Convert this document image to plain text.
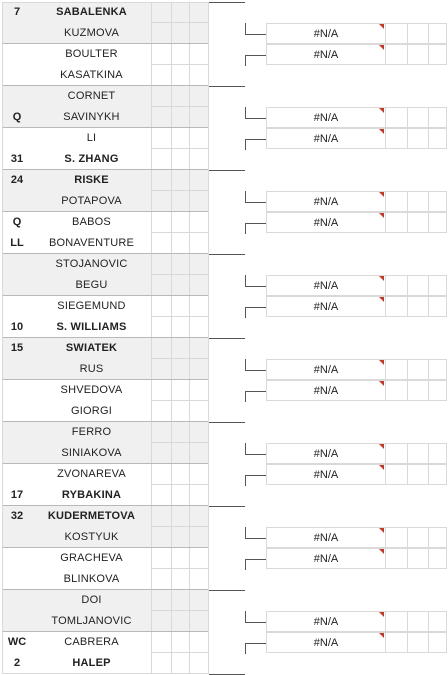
7	SABALENKA
KUZMOVA
BOULTER
KASATKINA
CORNET
Q	SAVINYKH
LI
31	S. ZHANG
24	RISKE
POTAPOVA
Q	BABOS
LL	BONAVENTURE
STOJANOVIC
BEGU
SIEGEMUND
10	S. WILLIAMS
15	SWIATEK
RUS
SHVEDOVA
GIORGI
FERRO
SINIAKOVA
ZVONAREVA
17	RYBAKINA
32	KUDERMETOVA
KOSTYUK
GRACHEVA
BLINKOVA
DOI
TOMLJANOVIC
WC	CABRERA
2	HALEP
#N/A
#N/A
#N/A
#N/A
#N/A
#N/A
#N/A
#N/A
#N/A
#N/A
#N/A
#N/A
#N/A
#N/A
#N/A
#N/A
